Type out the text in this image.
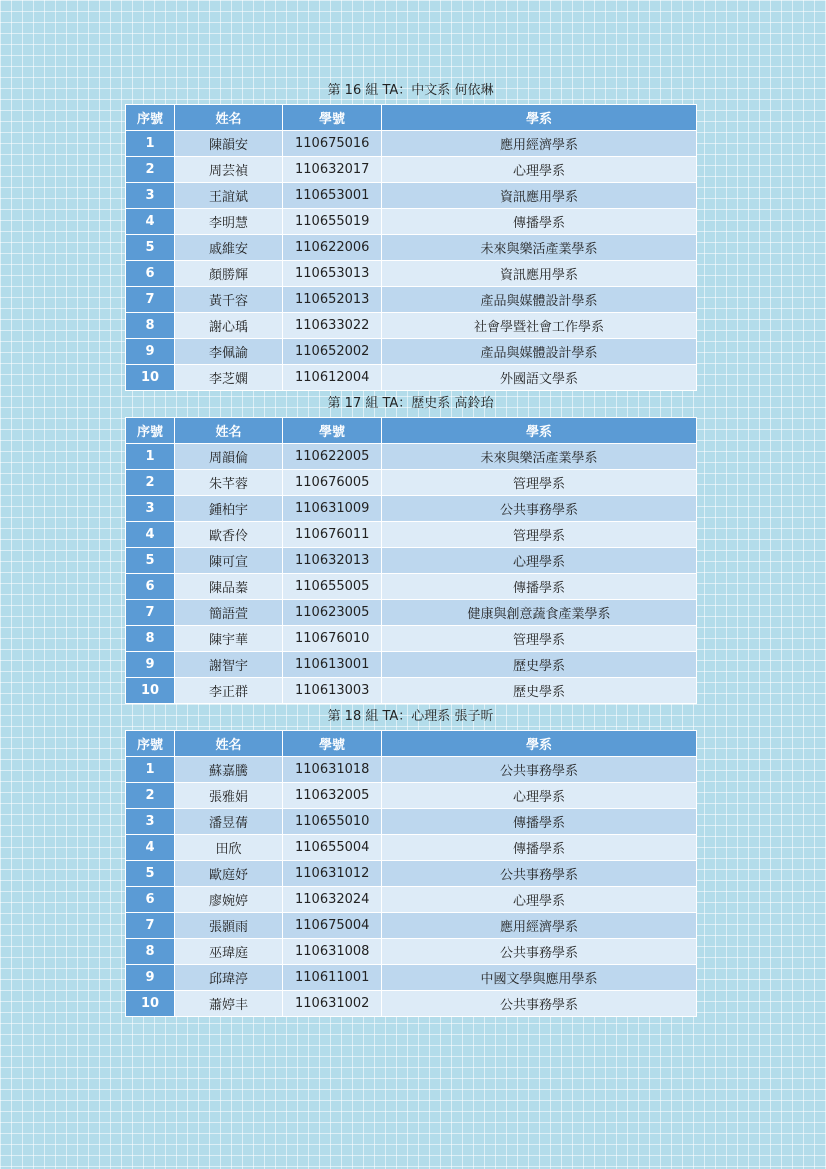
第 16 組 TA：中文系 何依琳
序號	姓名	學號	學系
1	陳韻安	110675016	應用經濟學系
2	周芸禎	110632017	心理學系
3	王誼斌	110653001	資訊應用學系
4	李明慧	110655019	傳播學系
5	戚維安	110622006	未來與樂活產業學系
6	顏勝輝	110653013	資訊應用學系
7	黃千容	110652013	產品與媒體設計學系
8	謝心瑀	110633022	社會學暨社會工作學系
9	李佩諭	110652002	產品與媒體設計學系
10	李芝嫻	110612004	外國語文學系
第 17 組 TA：歷史系 高鈴珆
序號	姓名	學號	學系
1	周韻倫	110622005	未來與樂活產業學系
2	朱芊蓉	110676005	管理學系
3	鍾柏宇	110631009	公共事務學系
4	歐香伶	110676011	管理學系
5	陳可宣	110632013	心理學系
6	陳品蓁	110655005	傳播學系
7	簡語萱	110623005	健康與創意蔬食產業學系
8	陳宇華	110676010	管理學系
9	謝智宇	110613001	歷史學系
10	李正群	110613003	歷史學系
第 18 組 TA：心理系 張子昕
序號	姓名	學號	學系
1	蘇嘉騰	110631018	公共事務學系
2	張雅娟	110632005	心理學系
3	潘昱蒨	110655010	傳播學系
4	田欣	110655004	傳播學系
5	歐庭妤	110631012	公共事務學系
6	廖婉婷	110632024	心理學系
7	張顥雨	110675004	應用經濟學系
8	巫瑋庭	110631008	公共事務學系
9	邱瑋渟	110611001	中國文學與應用學系
10	蕭婷丰	110631002	公共事務學系
